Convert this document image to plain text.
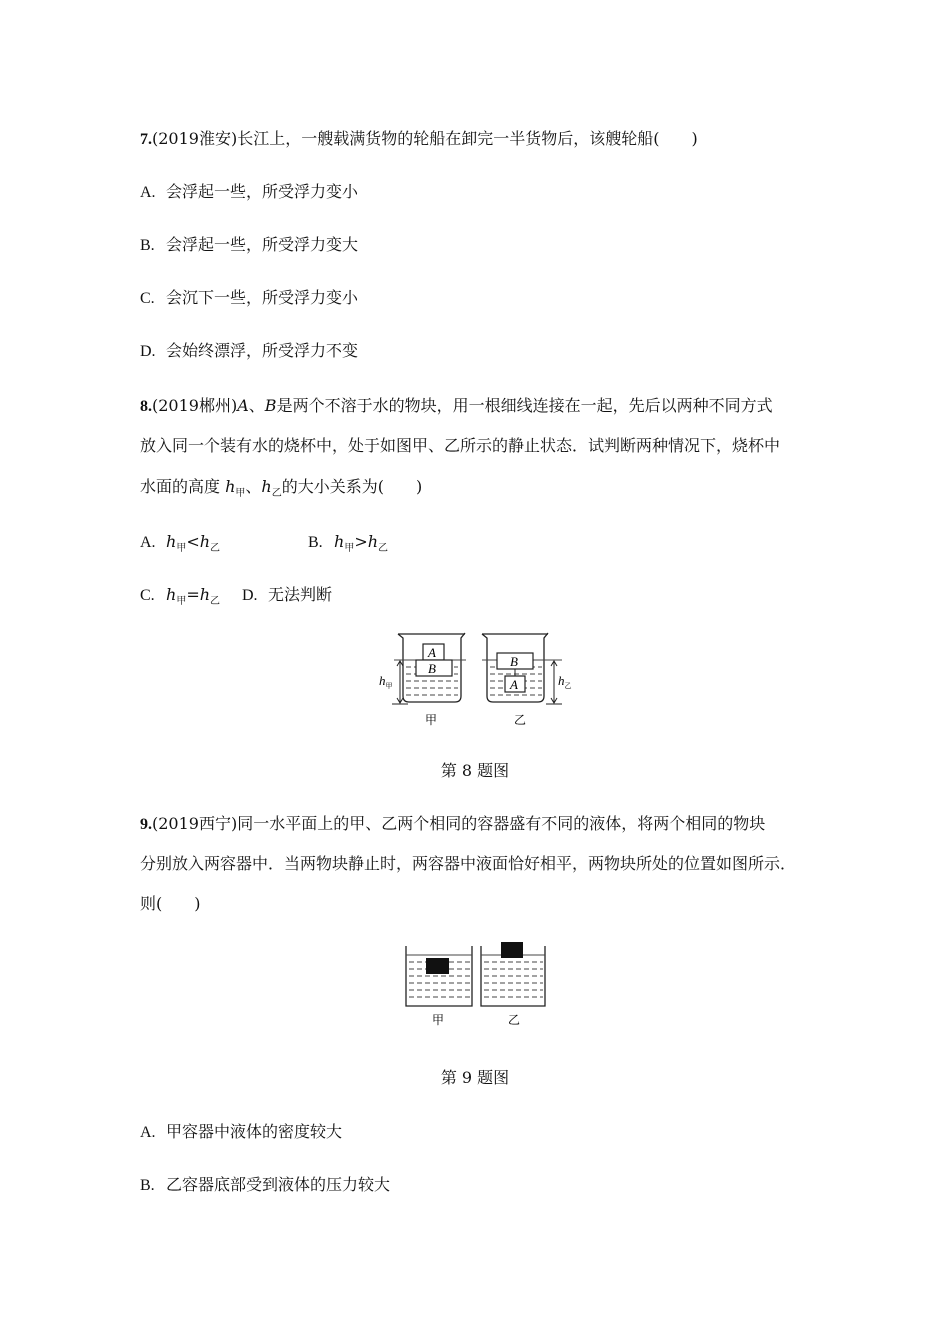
7.(2019淮安)长江上，一艘载满货物的轮船在卸完一半货物后，该艘轮船(　　)
A. 会浮起一些，所受浮力变小
B. 会浮起一些，所受浮力变大
C. 会沉下一些，所受浮力变小
D. 会始终漂浮，所受浮力不变
8.(2019郴州)A、B是两个不溶于水的物块，用一根细线连接在一起，先后以两种不同方式
放入同一个装有水的烧杯中，处于如图甲、乙所示的静止状态．试判断两种情况下，烧杯中
水面的高度 $h_甲$、$h_乙$的大小关系为(　　)
A. $h_甲<h_乙$	B. $h_甲>h_乙$
C. $h_甲=h_乙$ D. 无法判断
A
B
$h_甲$
B
A	$h_乙$
甲	乙
第 8 题图
9.(2019西宁)同一水平面上的甲、乙两个相同的容器盛有不同的液体，将两个相同的物块
分别放入两容器中．当两物块静止时，两容器中液面恰好相平，两物块所处的位置如图所示．
则(　　)
甲	乙
第 9 题图
A. 甲容器中液体的密度较大
B. 乙容器底部受到液体的压力较大
